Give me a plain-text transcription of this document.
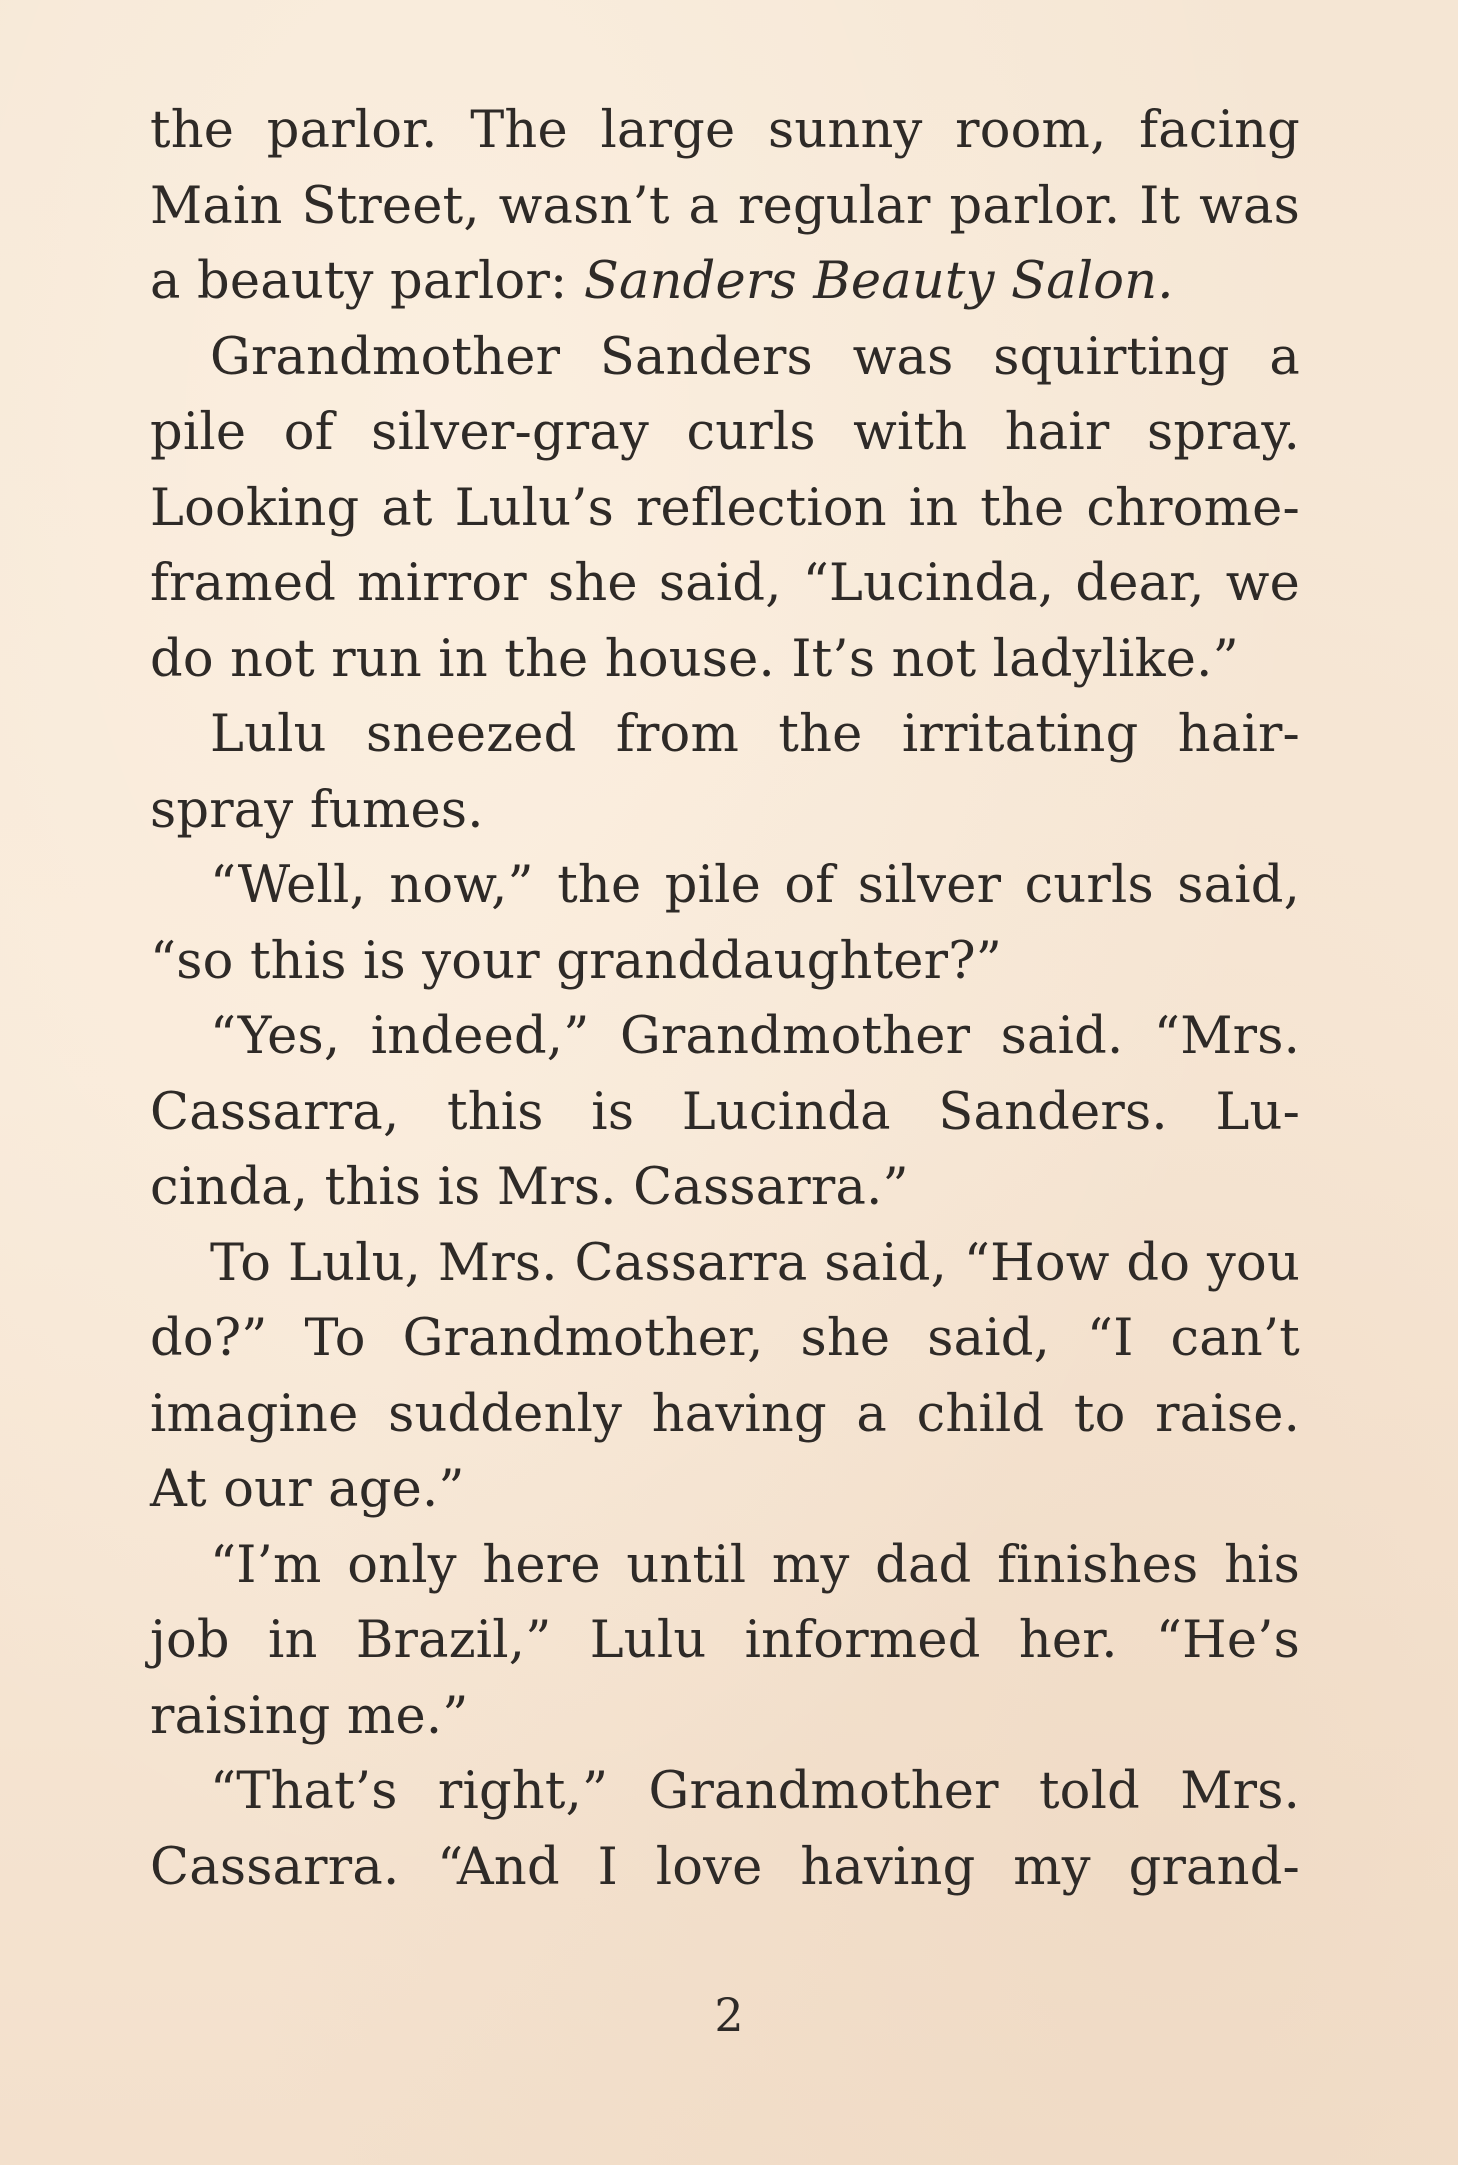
the parlor. The large sunny room, facing
Main Street, wasn’t a regular parlor. It was
a beauty parlor: Sanders Beauty Salon.
Grandmother Sanders was squirting a
pile of silver-gray curls with hair spray.
Looking at Lulu’s reflection in the chrome-
framed mirror she said, “Lucinda, dear, we
do not run in the house. It’s not ladylike.”
Lulu sneezed from the irritating hair-
spray fumes.
“Well, now,” the pile of silver curls said,
“so this is your granddaughter?”
“Yes, indeed,” Grandmother said. “Mrs.
Cassarra, this is Lucinda Sanders. Lu-
cinda, this is Mrs. Cassarra.”
To Lulu, Mrs. Cassarra said, “How do you
do?” To Grandmother, she said, “I can’t
imagine suddenly having a child to raise.
At our age.”
“I’m only here until my dad finishes his
job in Brazil,” Lulu informed her. “He’s
raising me.”
“That’s right,” Grandmother told Mrs.
Cassarra. “And I love having my grand-
2
